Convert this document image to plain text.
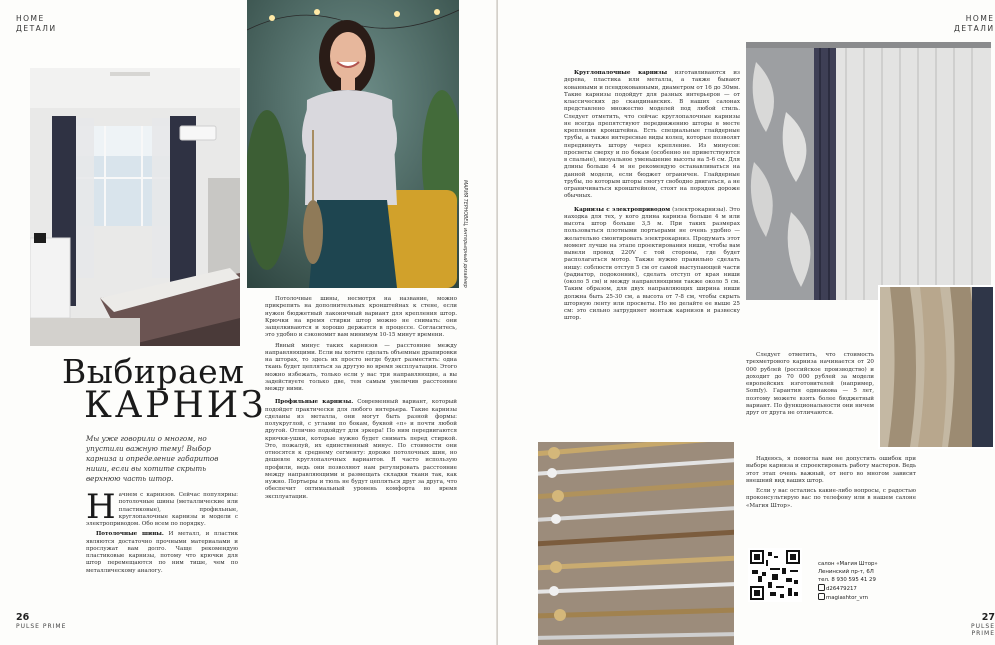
HOME
ДЕТАЛИ
МАРИЯ ТЕРНОВЕЦ, интерьерный дизайнер
Выбираем
КАРНИЗ
Мы уже говорили о многом, но упустили важную тему! Выбор карниза и определение габаритов ниши, если вы хотите скрыть верхнюю часть штор.

Начнем с карнизов. Сейчас популярны: потолочные шины (металлические или пластиковые), профильные, круглопалочные карнизы и модели с электроприводом. Обо всем по порядку.

Потолочные шины. И металл, и пластик являются достаточно прочными материалами и прослужат вам долго. Чаще рекомендую пластиковые карнизы, потому что крючки для штор перемещаются по ним тише, чем по металлическому аналогу.

Потолочные шины, несмотря на название, можно прикрепить на дополнительных кронштейнах к стене, если нужен бюджетный лаконичный вариант для крепления штор. Крючки на время стирки штор можно не снимать: они защелкиваются и хорошо держатся в процессе. Согласитесь, это удобно и сэкономит вам минимум 10-15 минут времени.

Явный минус таких карнизов — расстояние между направляющими. Если вы хотите сделать объемные драпировки на шторах, то здесь их просто негде будет разместить: одна ткань будет цепляться за другую во время эксплуатации. Этого можно избежать, только если у вас три направляющие, а вы задействуете только две, тем самым увеличив расстояние между ними.

Профильные карнизы. Современный вариант, который подойдет практически для любого интерьера. Такие карнизы сделаны из металла, они могут быть разной формы: полукруглой, с углами по бокам, буквой «п» и почти любой другой. Отлично подойдут для эркера! По ним передвигаются крючки-ушки, которые нужно будет снимать перед стиркой. Это, пожалуй, их единственный минус. По стоимости они относятся к среднему сегменту: дороже потолочных шин, но дешевле круглопалочных вариантов. Я часто использую профили, ведь они позволяют нам регулировать расстояние между направляющими и размещать складки ткани так, как нужно. Портьеры и тюль не будут цепляться друг за друга, что обеспечит оптимальный уровень комфорта во время эксплуатации.

26
PULSE PRIME
HOME
ДЕТАЛИ

Круглопалочные карнизы изготавливаются из дерева, пластика или металла, а также бывают кованными и псевдокованными, диаметром от 16 до 30мм. Такие карнизы подойдут для разных интерьеров — от классических до скандинавских. В наших салонах представлено множество моделей под любой стиль. Следует отметить, что сейчас круглопалочные карнизы не всегда препятствуют передвижению шторы в месте крепления кронштейна. Есть специальные глайдерные трубы, а также интересные виды колец, которые позволят передвинуть штору через крепление. Из минусов: просветы сверху и по бокам (особенно не приветствуются в спальне), визуальное уменьшение высоты на 5-6 см. Для длины больше 4 м не рекомендую останавливаться на данной модели, если бюджет ограничен. Глайдерные трубы, по которым шторы смогут свободно двигаться, а не ограничиваться кронштейном, стоят на порядок дороже обычных.

Карнизы с электроприводом (электрокарнизы). Это находка для тех, у кого длина карниза больше 4 м или высота штор больше 3,5 м. При таких размерах пользоваться плотными портьерами не очень удобно — желательно смонтировать электрокарниз. Продумать этот момент лучше на этапе проектирования ниши, чтобы вам вывели провод 220V с той стороны, где будет располагаться мотор. Также нужно правильно сделать нишу: соблюсти отступ 5 см от самой выступающей части (радиатор, подоконник), сделать отступ от края ниши (около 5 см) и между направляющими также около 5 см. Таким образом, для двух направляющих ширина ниши должна быть 25-30 см, а высота от 7-8 см, чтобы скрыть шторную ленту или просветы. Но не делайте ее выше 25 см: это сильно затрудняет монтаж карнизов и развеску штор.

Следует отметить, что стоимость трехметрового карниза начинается от 20 000 рублей (российское производство) и доходит до 70 000 рублей за модели европейских изготовителей (например, Somfy). Гарантия одинакова — 5 лет, поэтому можете взять более бюджетный вариант. По функциональности они ничем друг от друга не отличаются.

Надеюсь, я помогла вам не допустить ошибок при выборе карниза и спроектировать работу мастеров. Ведь этот этап очень важный, от него во многом зависит внешний вид ваших штор.

Если у вас остались какие-либо вопросы, с радостью проконсультирую вас по телефону или в нашем салоне «Магия Штор».

салон «Магия Штор»
Ленинский пр-т, 6Л
тел. 8 930 595 41 29
d26479217
magiashtor_vrn
27
PULSE PRIME
